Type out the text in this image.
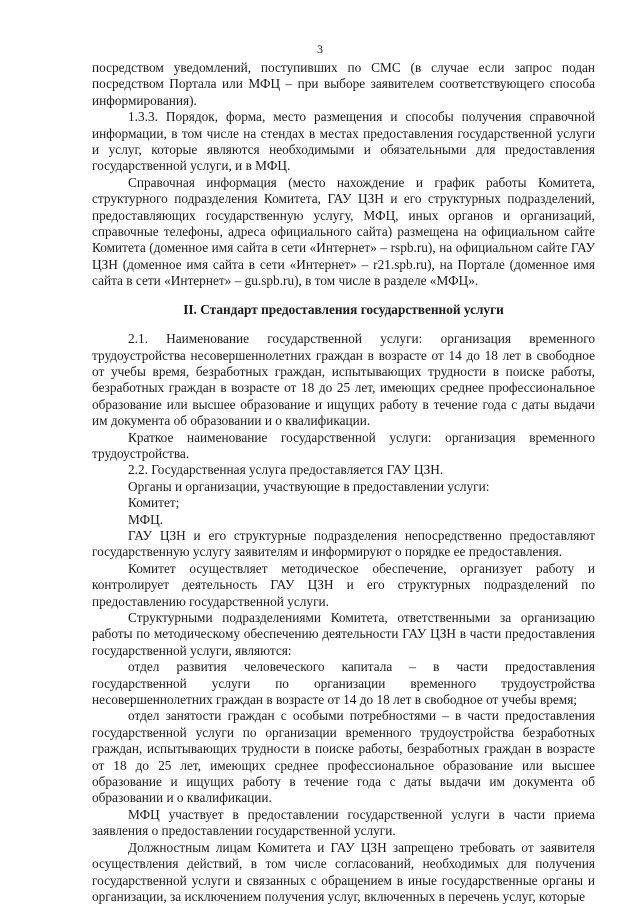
3

посредством уведомлений, поступивших по СМС (в случае если запрос подан посредством Портала или МФЦ – при выборе заявителем соответствующего способа информирования).

1.3.3. Порядок, форма, место размещения и способы получения справочной информации, в том числе на стендах в местах предоставления государственной услуги и услуг, которые являются необходимыми и обязательными для предоставления государственной услуги, и в МФЦ.

Справочная информация (место нахождение и график работы Комитета, структурного подразделения Комитета, ГАУ ЦЗН и его структурных подразделений, предоставляющих государственную услугу, МФЦ, иных органов и организаций, справочные телефоны, адреса официального сайта) размещена на официальном сайте Комитета (доменное имя сайта в сети «Интернет» – rspb.ru), на официальном сайте ГАУ ЦЗН (доменное имя сайта в сети «Интернет» – r21.spb.ru), на Портале (доменное имя сайта в сети «Интернет» – gu.spb.ru), в том числе в разделе «МФЦ».

II. Стандарт предоставления государственной услуги

2.1. Наименование государственной услуги: организация временного трудоустройства несовершеннолетних граждан в возрасте от 14 до 18 лет в свободное от учебы время, безработных граждан, испытывающих трудности в поиске работы, безработных граждан в возрасте от 18 до 25 лет, имеющих среднее профессиональное образование или высшее образование и ищущих работу в течение года с даты выдачи им документа об образовании и о квалификации.

Краткое наименование государственной услуги: организация временного трудоустройства.

2.2. Государственная услуга предоставляется ГАУ ЦЗН.

Органы и организации, участвующие в предоставлении услуги:

Комитет;

МФЦ.

ГАУ ЦЗН и его структурные подразделения непосредственно предоставляют государственную услугу заявителям и информируют о порядке ее предоставления.

Комитет осуществляет методическое обеспечение, организует работу и контролирует деятельность ГАУ ЦЗН и его структурных подразделений по предоставлению государственной услуги.

Структурными подразделениями Комитета, ответственными за организацию работы по методическому обеспечению деятельности ГАУ ЦЗН в части предоставления государственной услуги, являются:

отдел развития человеческого капитала – в части предоставления государственной услуги по организации временного трудоустройства несовершеннолетних граждан в возрасте от 14 до 18 лет в свободное от учебы время;

отдел занятости граждан с особыми потребностями – в части предоставления государственной услуги по организации временного трудоустройства безработных граждан, испытывающих трудности в поиске работы, безработных граждан в возрасте от 18 до 25 лет, имеющих среднее профессиональное образование или высшее образование и ищущих работу в течение года с даты выдачи им документа об образовании и о квалификации.

МФЦ участвует в предоставлении государственной услуги в части приема заявления о предоставлении государственной услуги.

Должностным лицам Комитета и ГАУ ЦЗН запрещено требовать от заявителя осуществления действий, в том числе согласований, необходимых для получения государственной услуги и связанных с обращением в иные государственные органы и организации, за исключением получения услуг, включенных в перечень услуг, которые
